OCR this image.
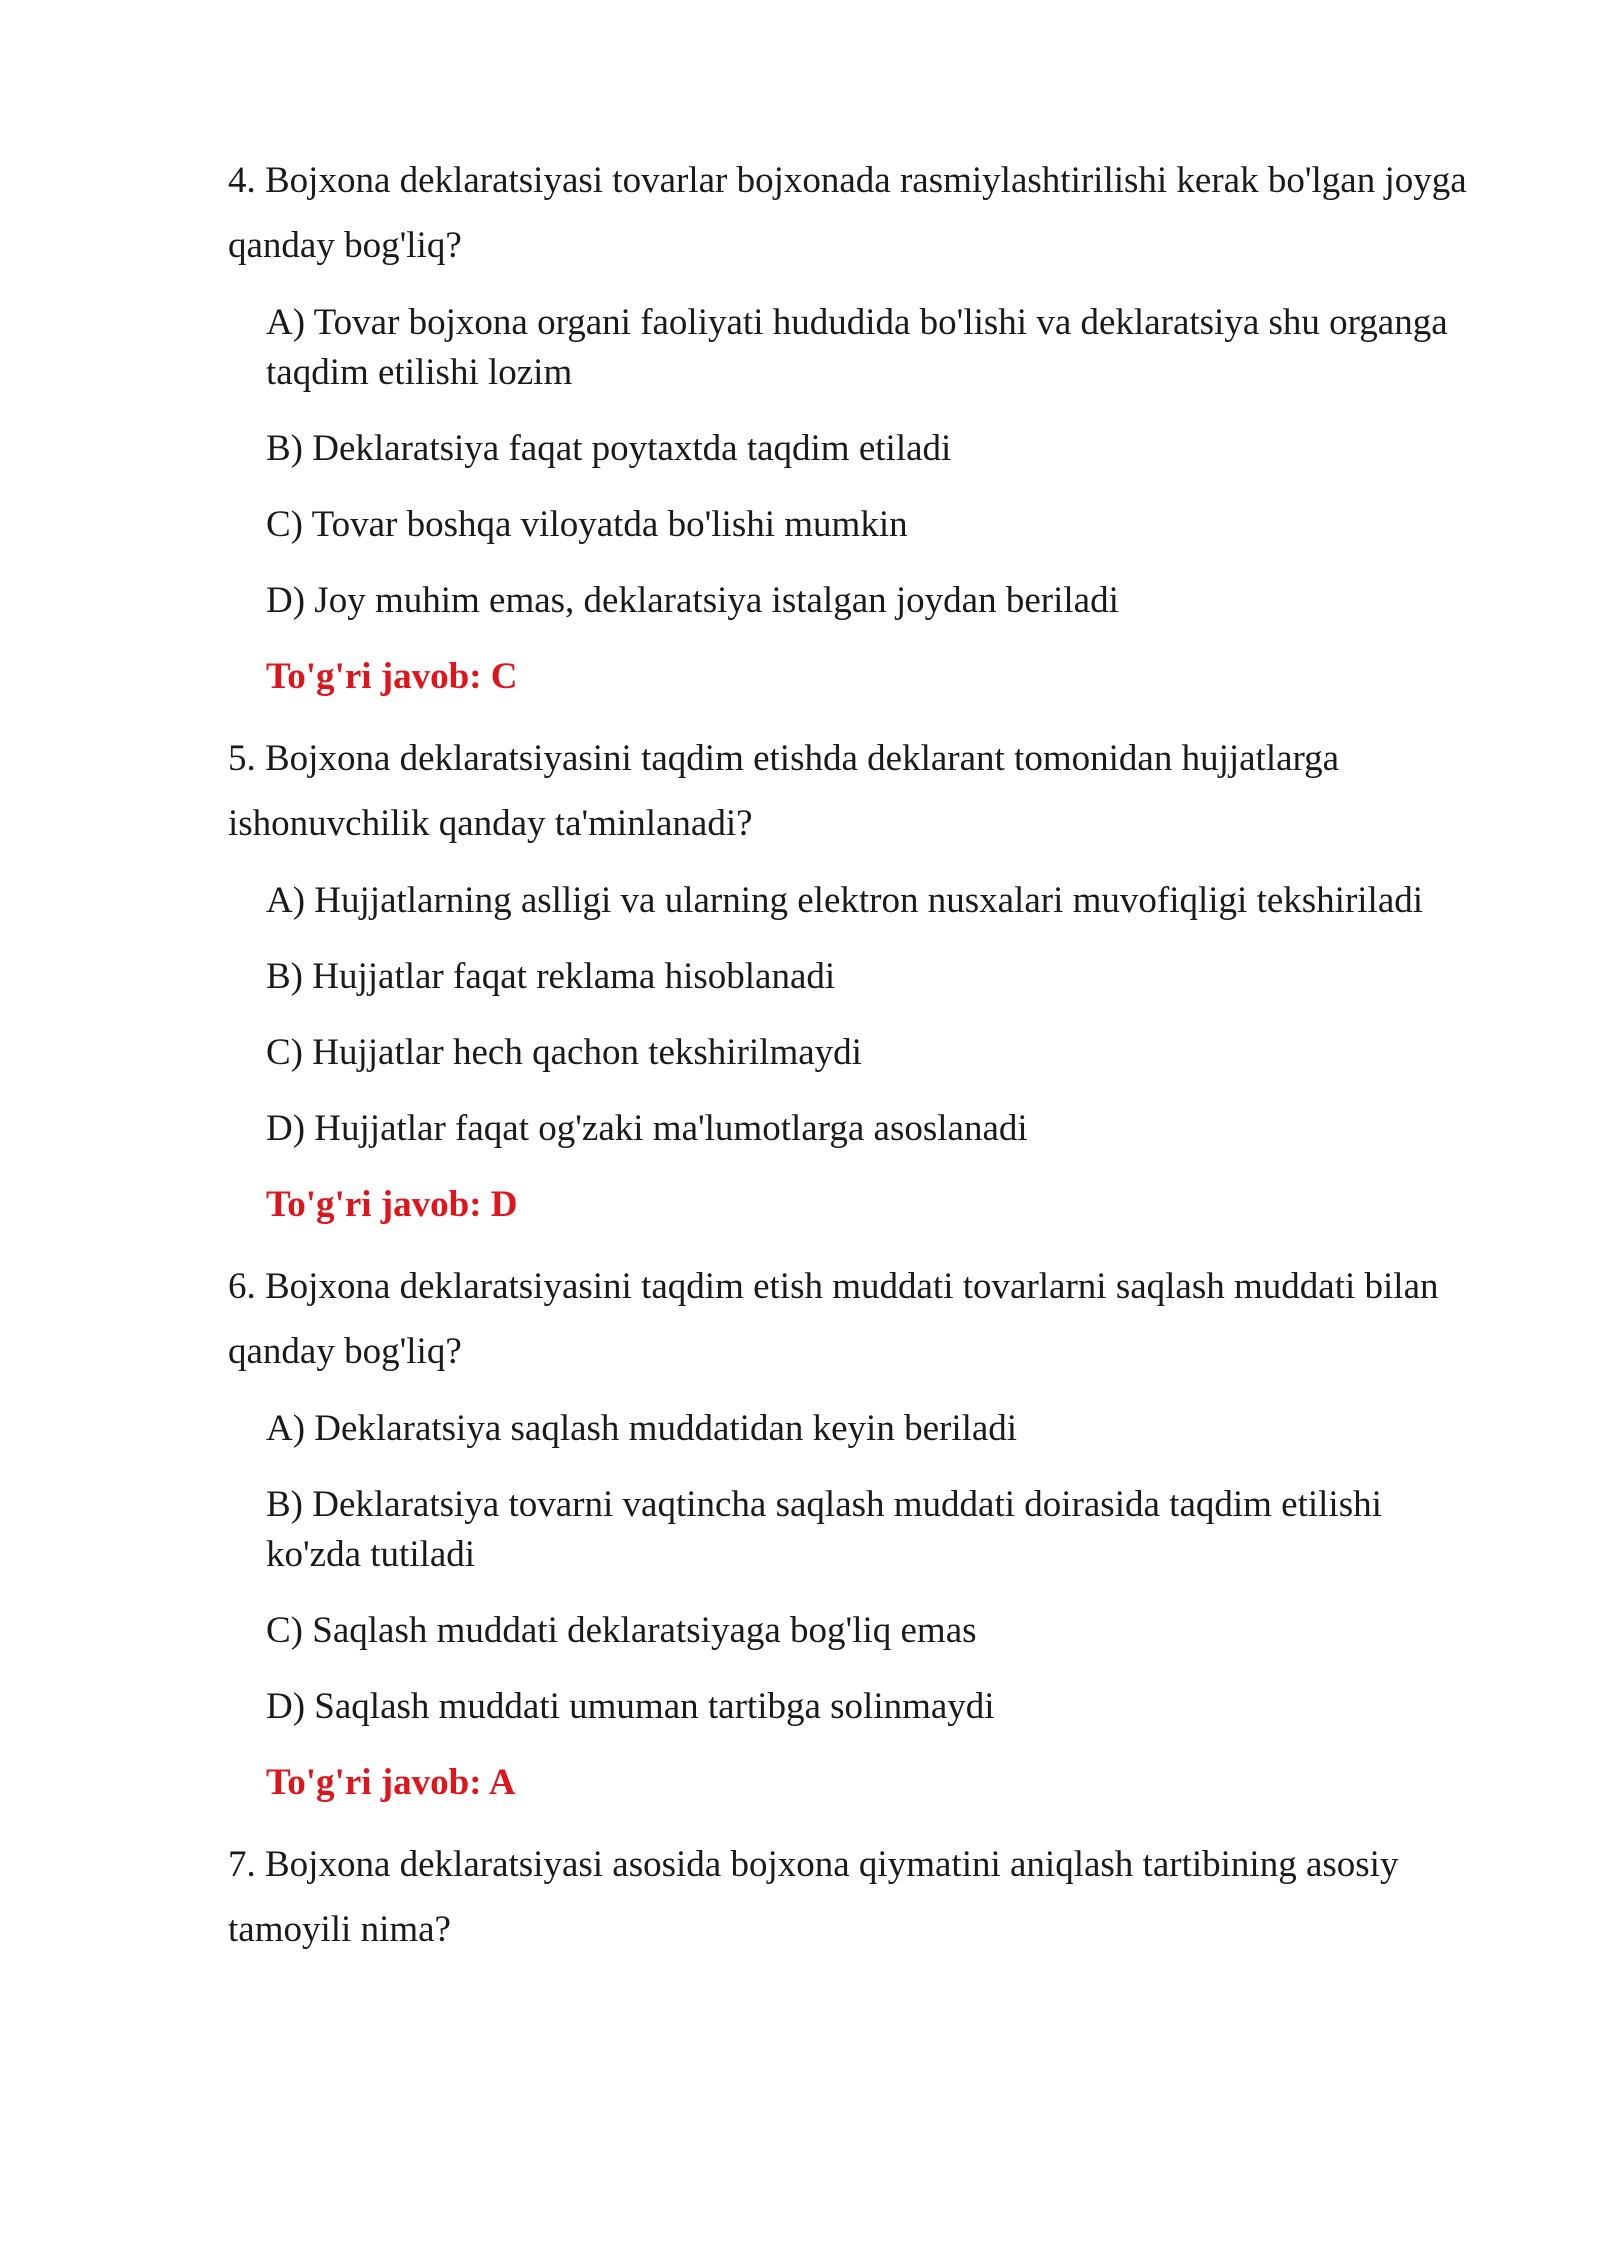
4. Bojxona deklaratsiyasi tovarlar bojxonada rasmiylashtirilishi kerak bo'lgan joyga qanday bog'liq?

A) Tovar bojxona organi faoliyati hududida bo'lishi va deklaratsiya shu organga taqdim etilishi lozim

B) Deklaratsiya faqat poytaxtda taqdim etiladi

C) Tovar boshqa viloyatda bo'lishi mumkin

D) Joy muhim emas, deklaratsiya istalgan joydan beriladi

To'g'ri javob: C

5. Bojxona deklaratsiyasini taqdim etishda deklarant tomonidan hujjatlarga ishonuvchilik qanday ta'minlanadi?

A) Hujjatlarning aslligi va ularning elektron nusxalari muvofiqligi tekshiriladi

B) Hujjatlar faqat reklama hisoblanadi

C) Hujjatlar hech qachon tekshirilmaydi

D) Hujjatlar faqat og'zaki ma'lumotlarga asoslanadi

To'g'ri javob: D

6. Bojxona deklaratsiyasini taqdim etish muddati tovarlarni saqlash muddati bilan qanday bog'liq?

A) Deklaratsiya saqlash muddatidan keyin beriladi

B) Deklaratsiya tovarni vaqtincha saqlash muddati doirasida taqdim etilishi ko'zda tutiladi

C) Saqlash muddati deklaratsiyaga bog'liq emas

D) Saqlash muddati umuman tartibga solinmaydi

To'g'ri javob: A

7. Bojxona deklaratsiyasi asosida bojxona qiymatini aniqlash tartibining asosiy tamoyili nima?
